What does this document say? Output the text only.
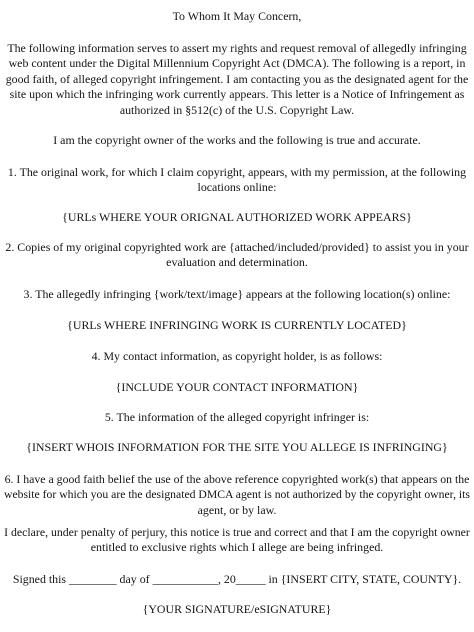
To Whom It May Concern,

The following information serves to assert my rights and request removal of allegedly infringing
web content under the Digital Millennium Copyright Act (DMCA). The following is a report, in
good faith, of alleged copyright infringement. I am contacting you as the designated agent for the
site upon which the infringing work currently appears. This letter is a Notice of Infringement as
authorized in §512(c) of the U.S. Copyright Law.

I am the copyright owner of the works and the following is true and accurate.

1. The original work, for which I claim copyright, appears, with my permission, at the following
locations online:

{URLs WHERE YOUR ORIGNAL AUTHORIZED WORK APPEARS}

2. Copies of my original copyrighted work are {attached/included/provided} to assist you in your
evaluation and determination.

3. The allegedly infringing {work/text/image} appears at the following location(s) online:

{URLs WHERE INFRINGING WORK IS CURRENTLY LOCATED}

4. My contact information, as copyright holder, is as follows:

{INCLUDE YOUR CONTACT INFORMATION}

5. The information of the alleged copyright infringer is:

{INSERT WHOIS INFORMATION FOR THE SITE YOU ALLEGE IS INFRINGING}

6. I have a good faith belief the use of the above reference copyrighted work(s) that appears on the
website for which you are the designated DMCA agent is not authorized by the copyright owner, its
agent, or by law.

I declare, under penalty of perjury, this notice is true and correct and that I am the copyright owner
entitled to exclusive rights which I allege are being infringed.

Signed this ________ day of ___________, 20_____ in {INSERT CITY, STATE, COUNTY}.

{YOUR SIGNATURE/eSIGNATURE}
